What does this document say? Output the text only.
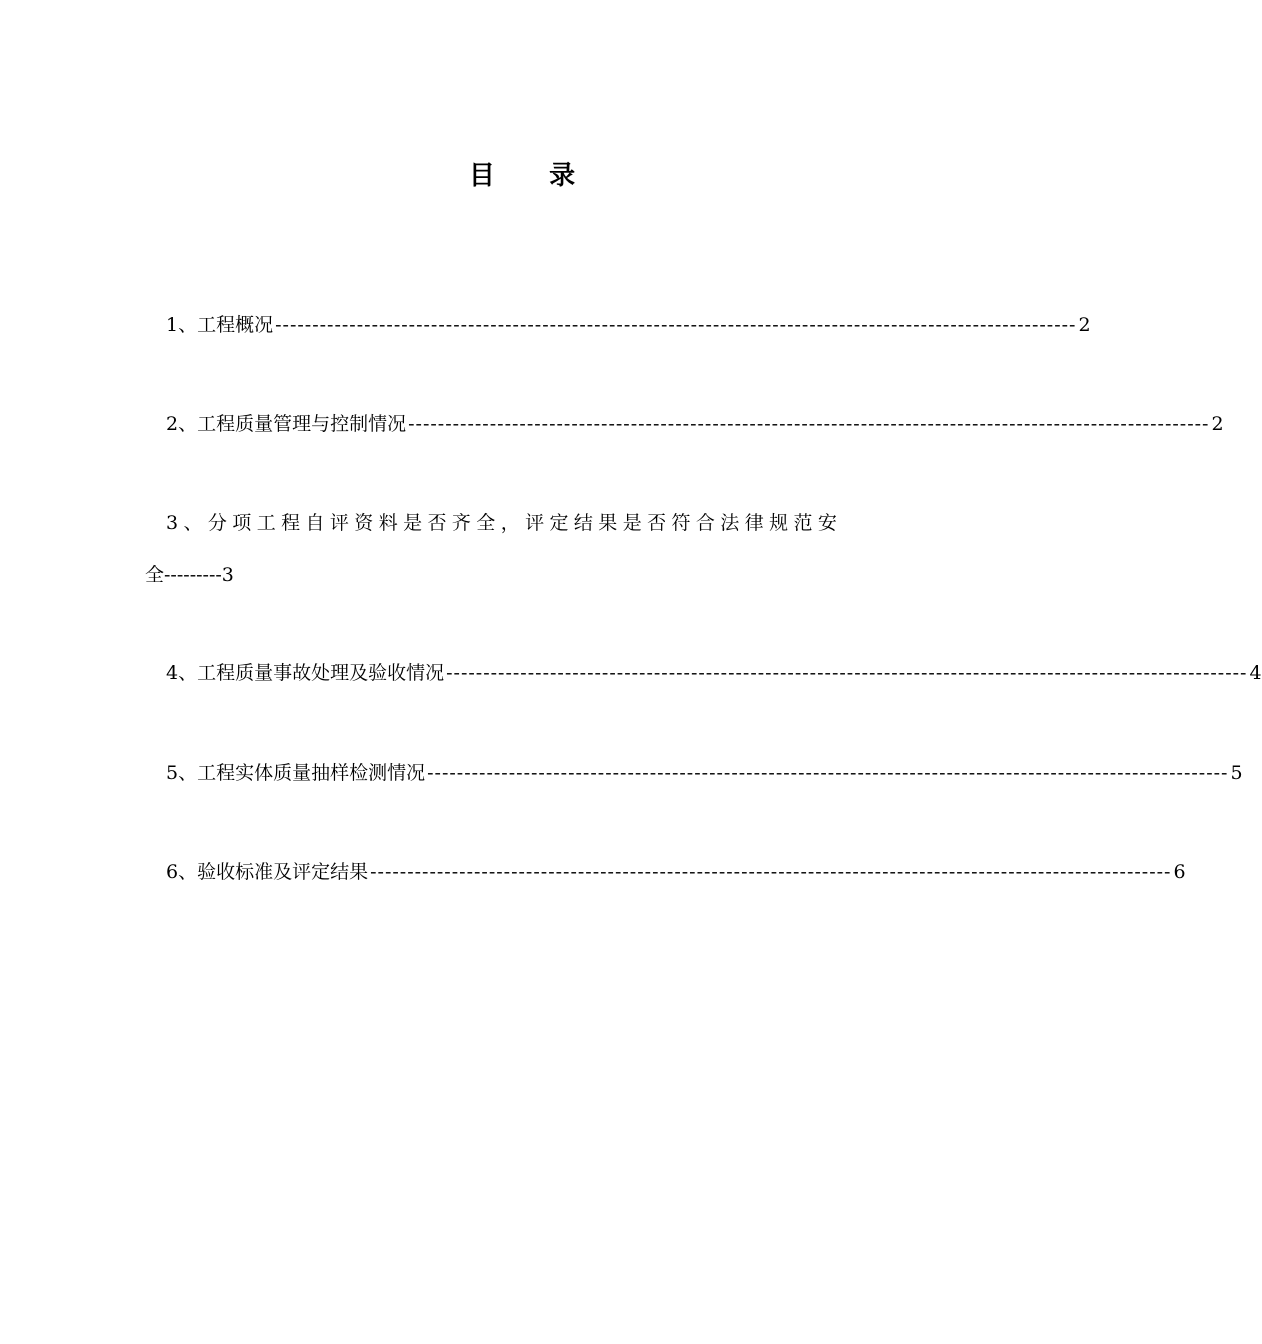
目      录
1、 工程概况 ------------------------------------------------------------------------------------------------------------ 2
2、 工程质量管理与控制情况 ------------------------------------------------------------------------------------------------------------ 2
3、分项工程自评资料是否齐全，评定结果是否符合法律规范安
全---------3
4、 工程质量事故处理及验收情况 ------------------------------------------------------------------------------------------------------------ 4
5、 工程实体质量抽样检测情况 ------------------------------------------------------------------------------------------------------------ 5
6、 验收标准及评定结果 ------------------------------------------------------------------------------------------------------------ 6
